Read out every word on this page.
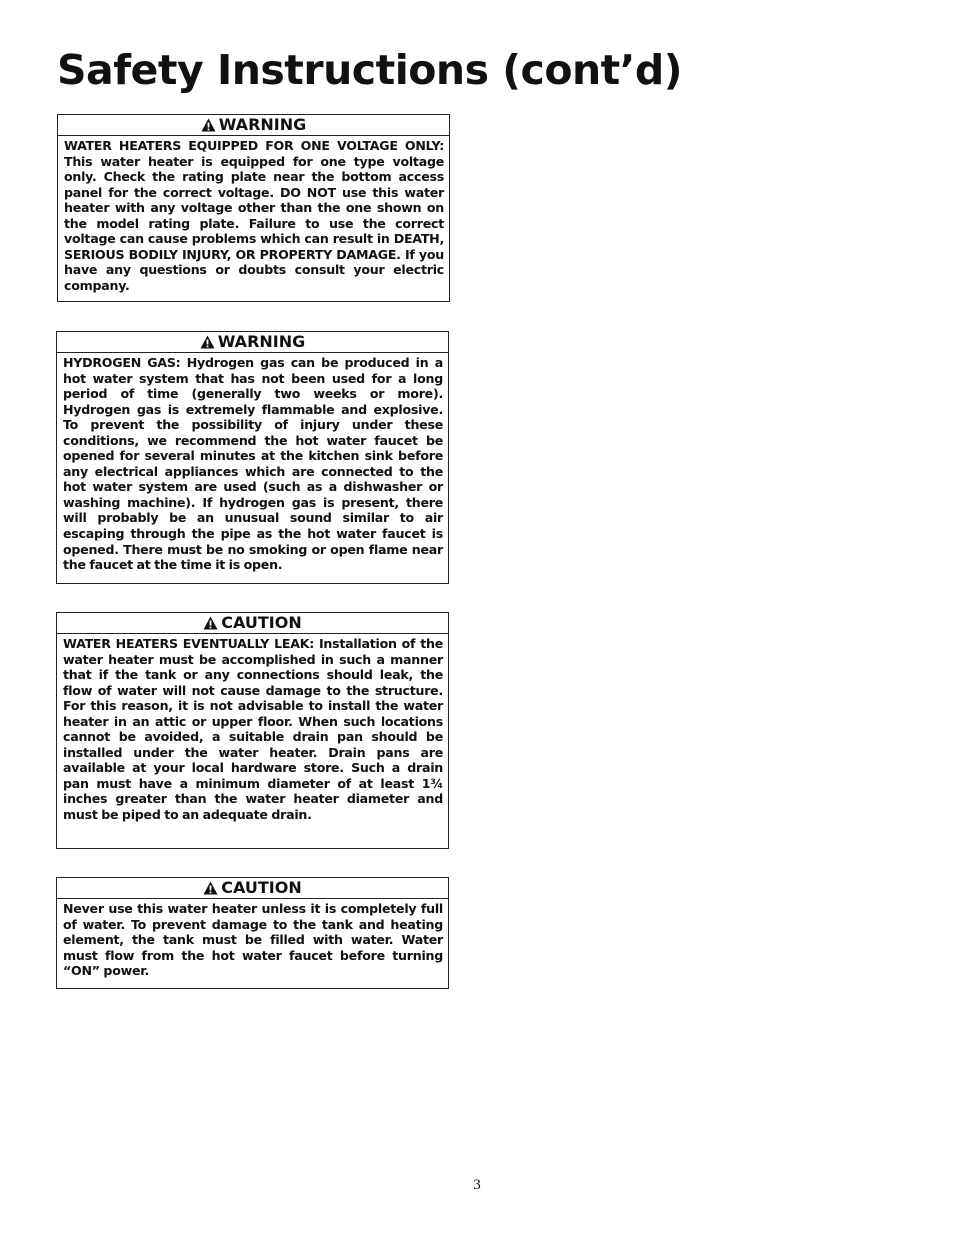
Safety Instructions (cont’d)
WARNING

WATER HEATERS EQUIPPED FOR ONE VOLTAGE ONLY: This water heater is equipped for one type voltage only. Check the rating plate near the bottom access panel for the correct voltage. DO NOT use this water heater with any voltage other than the one shown on the model rating plate. Failure to use the correct voltage can cause problems which can result in DEATH, SERIOUS BODILY INJURY, OR PROPERTY DAMAGE. If you have any questions or doubts consult your electric company.

WARNING

HYDROGEN GAS: Hydrogen gas can be produced in a hot water system that has not been used for a long period of time (generally two weeks or more). Hydrogen gas is extremely flammable and explosive. To prevent the possibility of injury under these conditions, we recommend the hot water faucet be opened for several minutes at the kitchen sink before any electrical appliances which are connected to the hot water system are used (such as a dishwasher or washing machine). If hydrogen gas is present, there will probably be an unusual sound similar to air escaping through the pipe as the hot water faucet is opened. There must be no smoking or open flame near the faucet at the time it is open.

CAUTION

WATER HEATERS EVENTUALLY LEAK: Installation of the water heater must be accomplished in such a manner that if the tank or any connections should leak, the flow of water will not cause damage to the structure. For this reason, it is not advisable to install the water heater in an attic or upper floor. When such locations cannot be avoided, a suitable drain pan should be installed under the water heater. Drain pans are available at your local hardware store. Such a drain pan must have a minimum diameter of at least 1¾ inches greater than the water heater diameter and must be piped to an adequate drain.

CAUTION

Never use this water heater unless it is completely full of water. To prevent damage to the tank and heating element, the tank must be filled with water. Water must flow from the hot water faucet before turning “ON” power.

3
